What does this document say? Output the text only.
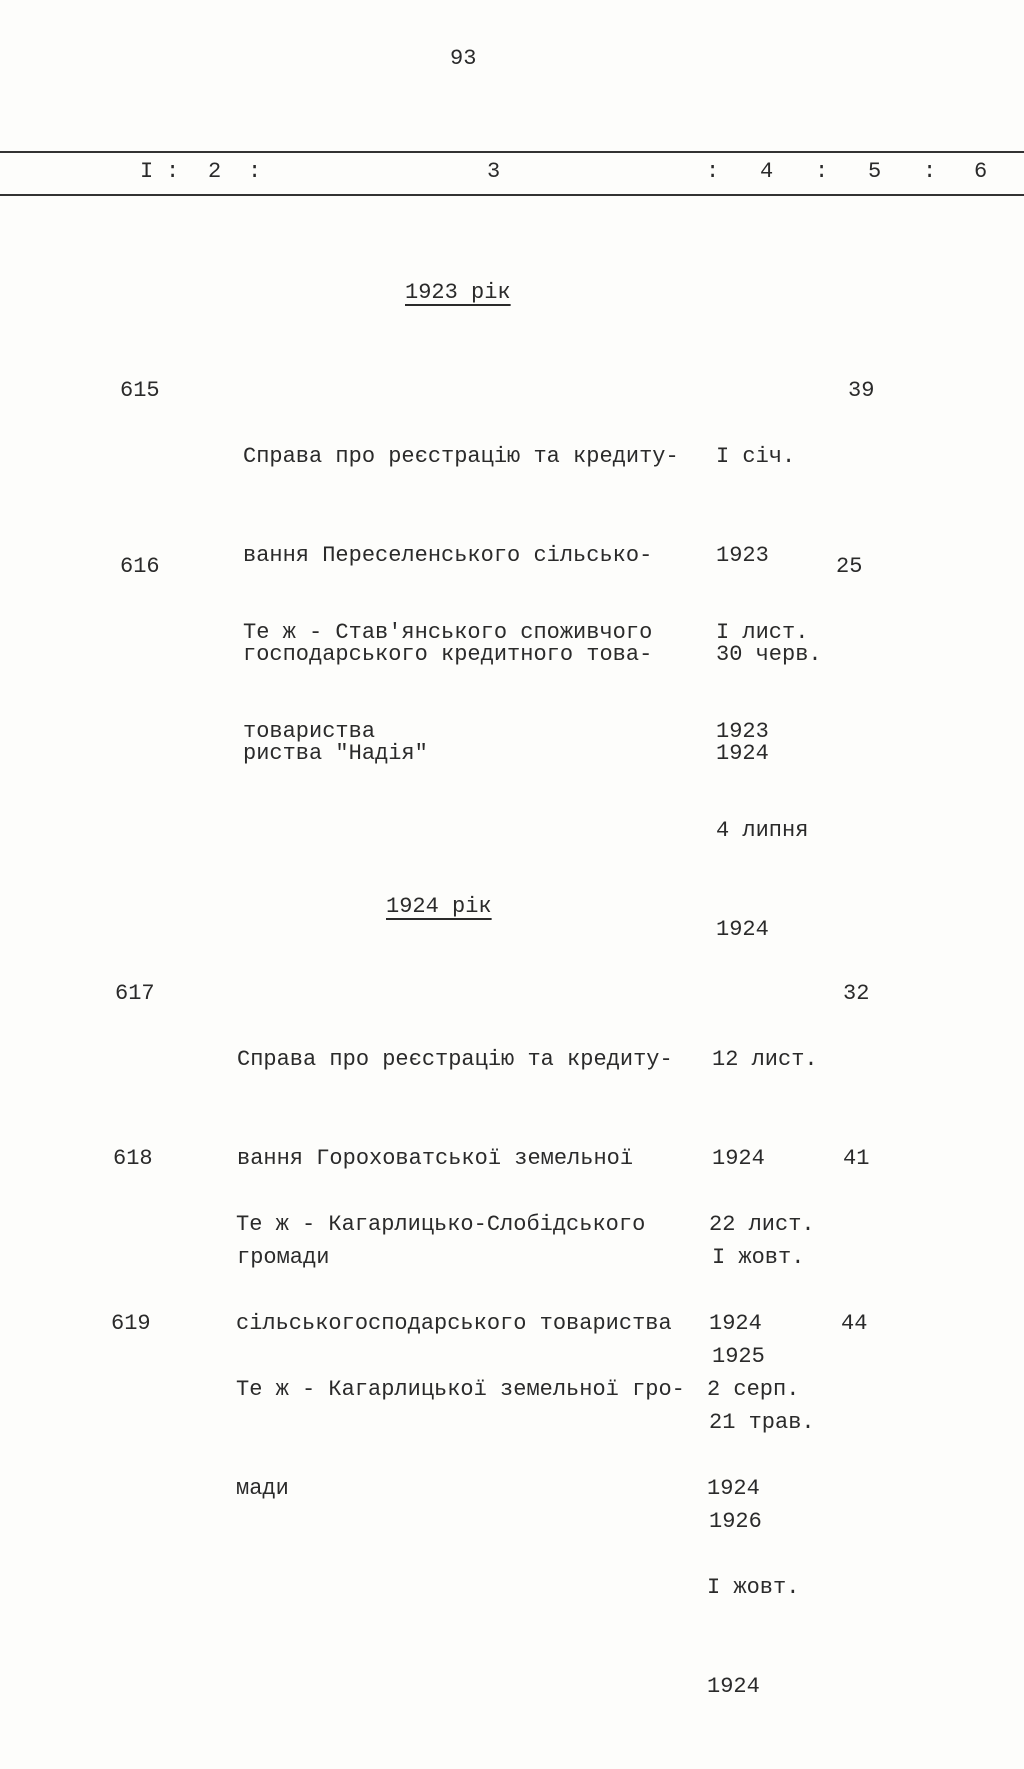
93
I : 2 :	3	: 4 : 5 : 6
1923 рік
615

Справа про реєстрацію та кредиту-

вання Переселенського сільсько-

господарського кредитного това-

риства "Надія"

I січ.

1923

30 черв.

1924

39
616

Те ж - Став'янського споживчого

товариства

I лист.

1923

4 липня

1924

25
1924 рік
617

Справа про реєстрацію та кредиту-

вання Гороховатської земельної

громади

12 лист.

1924

I жовт.

1925

32
618

Те ж - Кагарлицько-Слобідського

сільськогосподарського товариства

22 лист.

1924

21 трав.

1926

41
619

Те ж - Кагарлицької земельної гро-

мади

2 серп.

1924

I жовт.

1924

44
